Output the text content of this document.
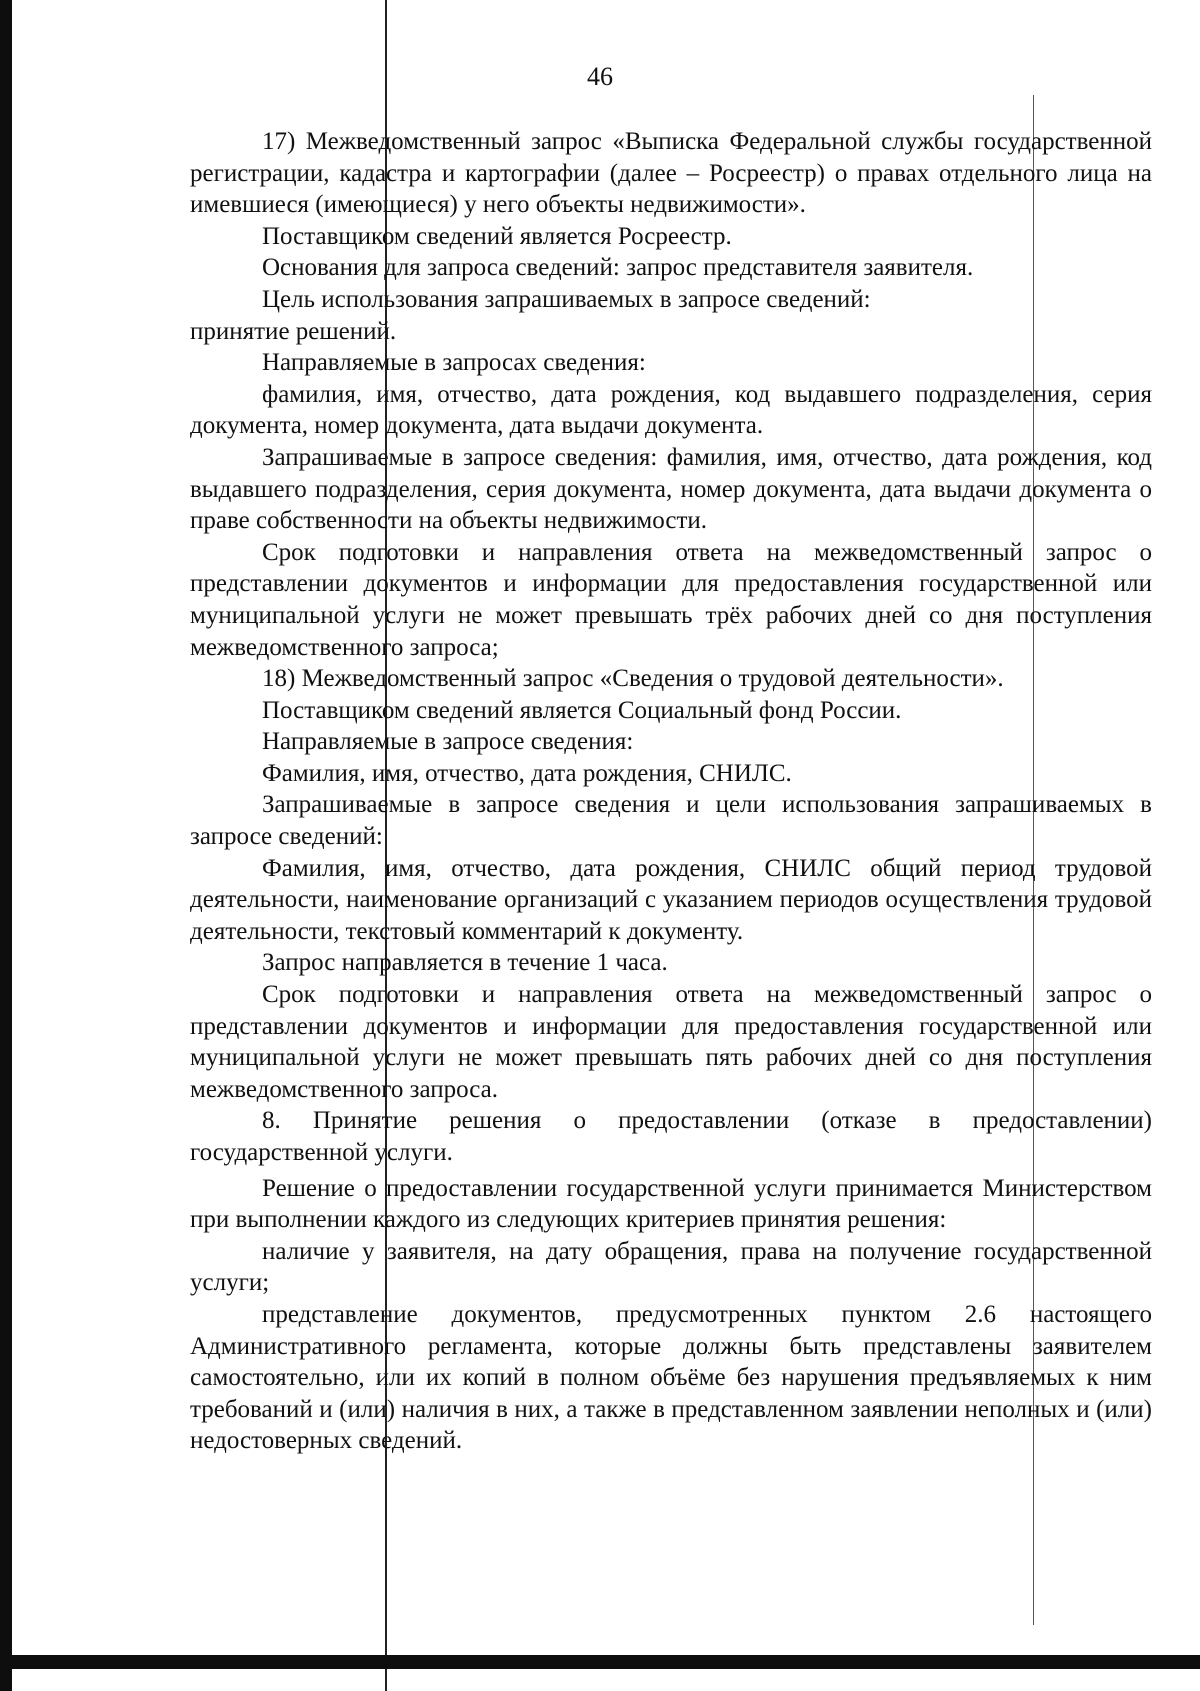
46

17) Межведомственный запрос «Выписка Федеральной службы государственной регистрации, кадастра и картографии (далее – Росреестр) о правах отдельного лица на имевшиеся (имеющиеся) у него объекты недвижимости».

Поставщиком сведений является Росреестр.

Основания для запроса сведений: запрос представителя заявителя.

Цель использования запрашиваемых в запросе сведений:

принятие решений.

Направляемые в запросах сведения:

фамилия, имя, отчество, дата рождения, код выдавшего подразделения, серия документа, номер документа, дата выдачи документа.

Запрашиваемые в запросе сведения: фамилия, имя, отчество, дата рождения, код выдавшего подразделения, серия документа, номер документа, дата выдачи документа о праве собственности на объекты недвижимости.

Срок подготовки и направления ответа на межведомственный запрос о представлении документов и информации для предоставления государственной или муниципальной услуги не может превышать трёх рабочих дней со дня поступления межведомственного запроса;

18) Межведомственный запрос «Сведения о трудовой деятельности».

Поставщиком сведений является Социальный фонд России.

Направляемые в запросе сведения:

Фамилия, имя, отчество, дата рождения, СНИЛС.

Запрашиваемые в запросе сведения и цели использования запрашиваемых в запросе сведений:

Фамилия, имя, отчество, дата рождения, СНИЛС общий период трудовой деятельности, наименование организаций с указанием периодов осуществления трудовой деятельности, текстовый комментарий к документу.

Запрос направляется в течение 1 часа.

Срок подготовки и направления ответа на межведомственный запрос о представлении документов и информации для предоставления государственной или муниципальной услуги не может превышать пять рабочих дней со дня поступления межведомственного запроса.

8. Принятие решения о предоставлении (отказе в предоставлении) государственной услуги.

Решение о предоставлении государственной услуги принимается Министерством при выполнении каждого из следующих критериев принятия решения:

наличие у заявителя, на дату обращения, права на получение государственной услуги;

представление документов, предусмотренных пунктом 2.6 настоящего Административного регламента, которые должны быть представлены заявителем самостоятельно, или их копий в полном объёме без нарушения предъявляемых к ним требований и (или) наличия в них, а также в представленном заявлении неполных и (или) недостоверных сведений.
